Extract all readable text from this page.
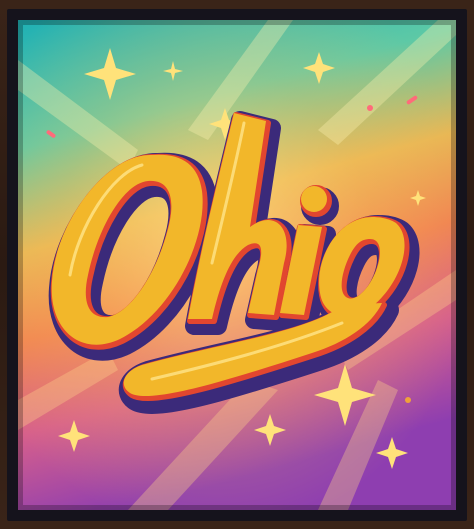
Ohio
